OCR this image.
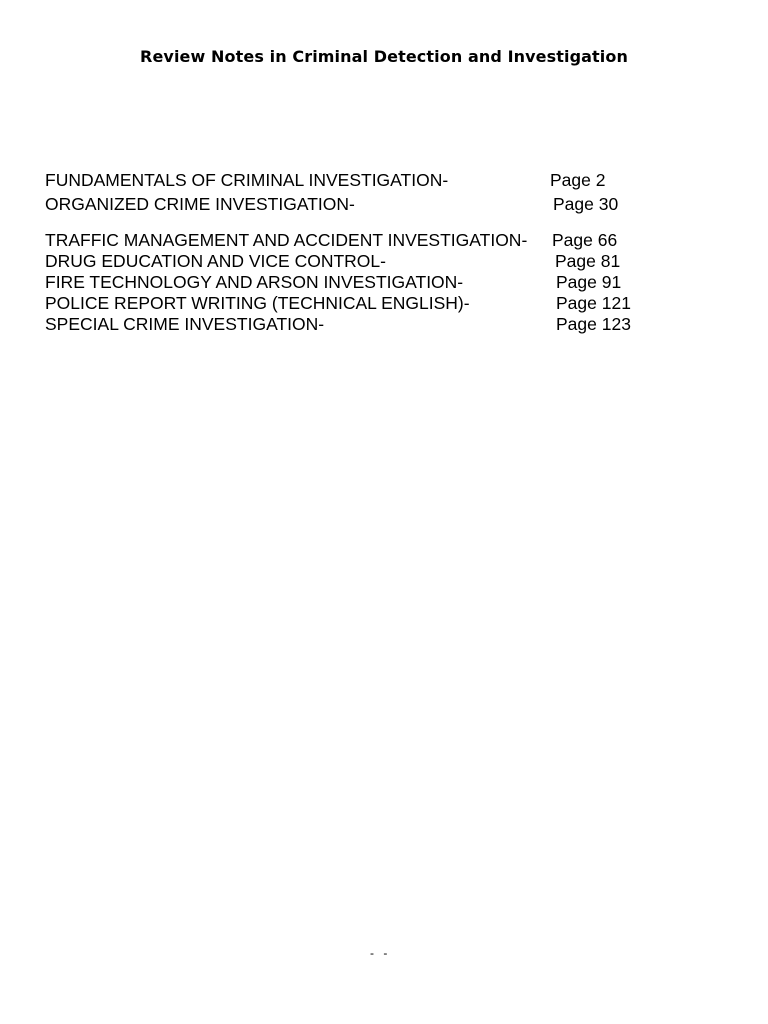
Review Notes in Criminal Detection and Investigation
FUNDAMENTALS OF CRIMINAL INVESTIGATION-	Page 2
ORGANIZED CRIME INVESTIGATION-	Page 30
TRAFFIC MANAGEMENT AND ACCIDENT INVESTIGATION- Page 66
DRUG EDUCATION AND VICE CONTROL-	Page 81
FIRE TECHNOLOGY AND ARSON INVESTIGATION-	Page 91
POLICE REPORT WRITING (TECHNICAL ENGLISH)-	Page 121
SPECIAL CRIME INVESTIGATION-	Page 123
- -
